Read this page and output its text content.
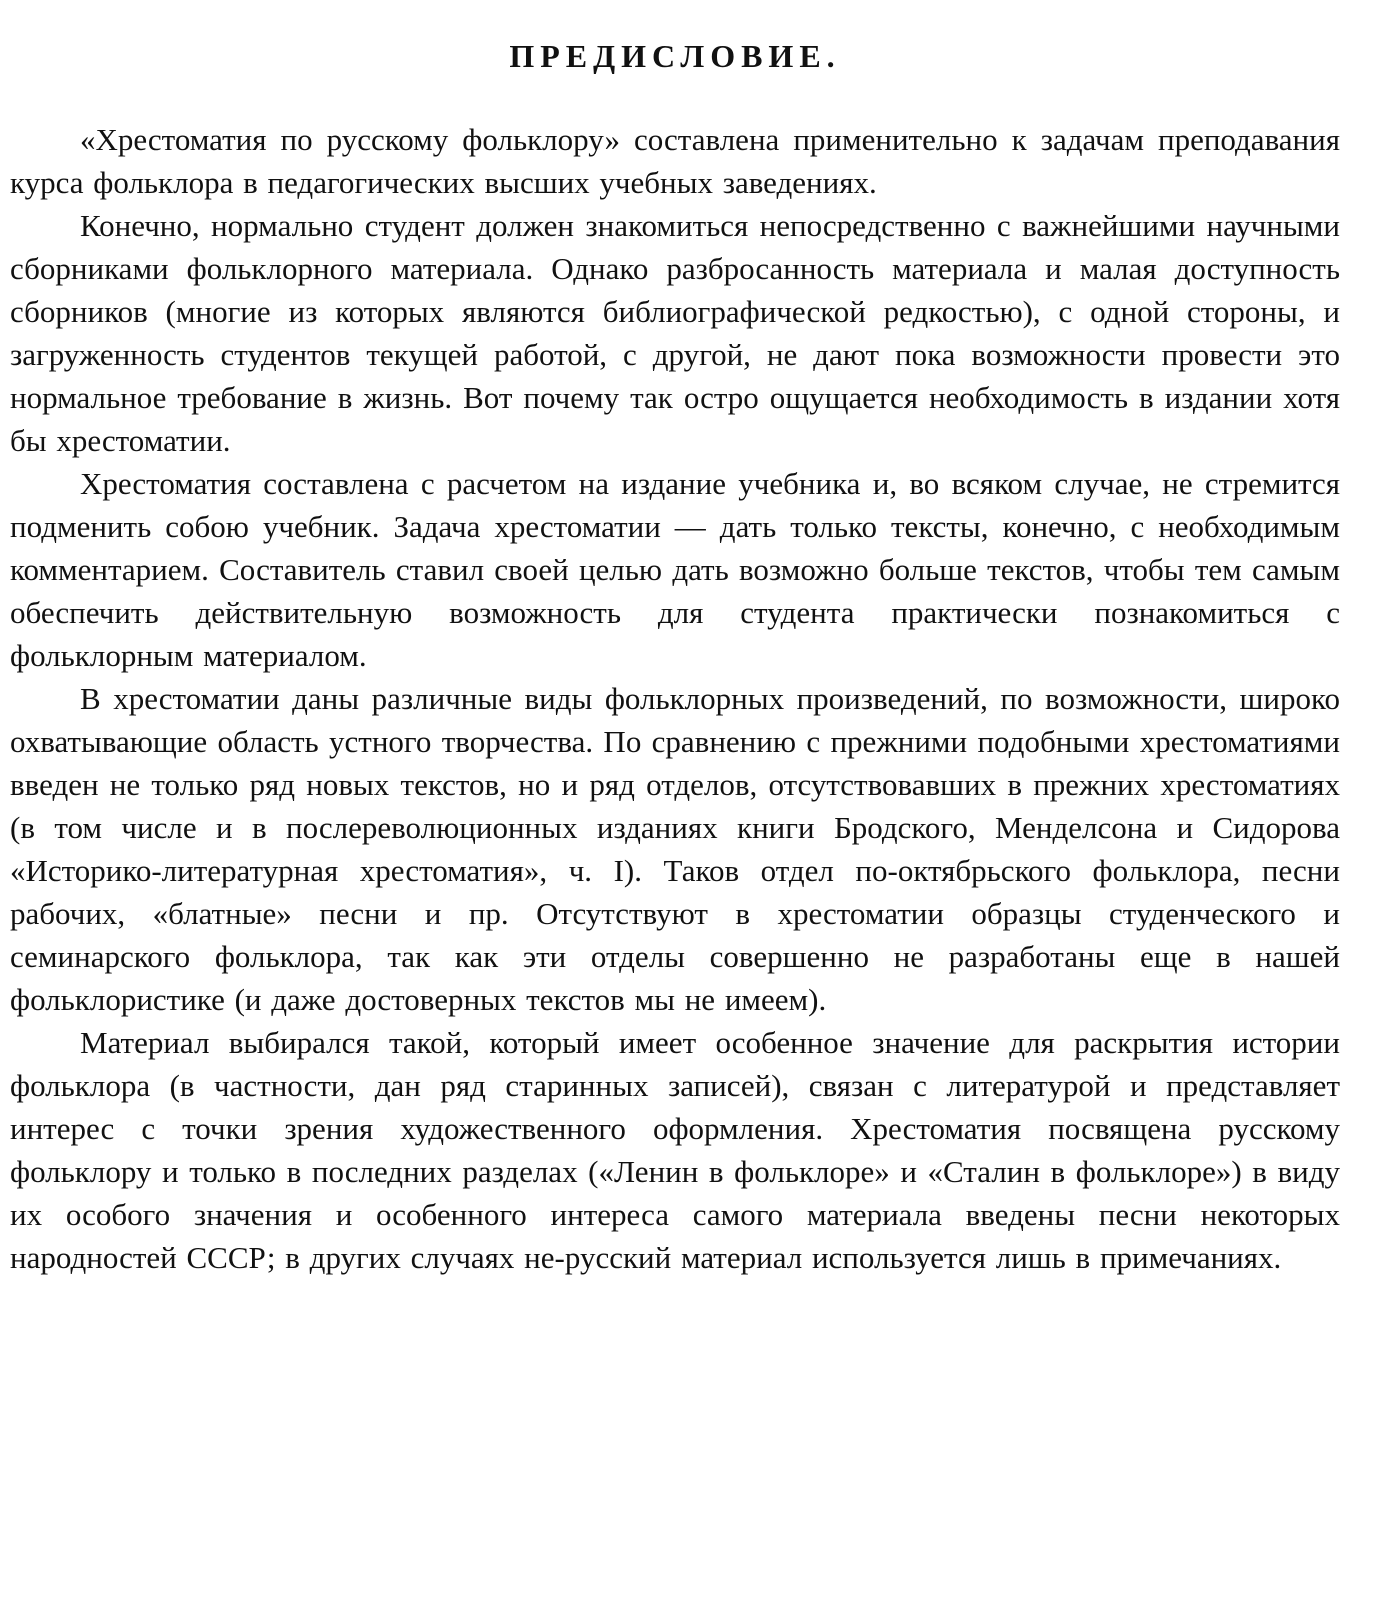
ПРЕДИСЛОВИЕ.

«Хрестоматия по русскому фольклору» составлена применительно к задачам преподавания курса фольклора в педагогических высших учебных заведениях.

Конечно, нормально студент должен знакомиться непосредственно с важнейшими научными сборниками фольклорного материала. Однако разбросанность материала и малая доступность сборников (многие из которых являются библиографической редкостью), с одной стороны, и загруженность студентов текущей работой, с другой, не дают пока возможности провести это нормальное требование в жизнь. Вот почему так остро ощущается необходимость в издании хотя бы хрестоматии.

Хрестоматия составлена с расчетом на издание учебника и, во всяком случае, не стремится подменить собою учебник. Задача хрестоматии — дать только тексты, конечно, с необходимым комментарием. Составитель ставил своей целью дать возможно больше текстов, чтобы тем самым обеспечить действительную возможность для студента практически познакомиться с фольклорным материалом.

В хрестоматии даны различные виды фольклорных произведений, по возможности, широко охватывающие область устного творчества. По сравнению с прежними подобными хрестоматиями введен не только ряд новых текстов, но и ряд отделов, отсутствовавших в прежних хрестоматиях (в том числе и в послереволюционных изданиях книги Бродского, Менделсона и Сидорова «Историко-литературная хрестоматия», ч. I). Таков отдел по-октябрьского фольклора, песни рабочих, «блатные» песни и пр. Отсутствуют в хрестоматии образцы студенческого и семинарского фольклора, так как эти отделы совершенно не разработаны еще в нашей фольклористике (и даже достоверных текстов мы не имеем).

Материал выбирался такой, который имеет особенное значение для раскрытия истории фольклора (в частности, дан ряд старинных записей), связан с литературой и представляет интерес с точки зрения художественного оформления. Хрестоматия посвящена русскому фольклору и только в последних разделах («Ленин в фольклоре» и «Сталин в фольклоре») в виду их особого значения и особенного интереса самого материала введены песни некоторых народностей СССР; в других случаях не-русский материал используется лишь в примечаниях.
